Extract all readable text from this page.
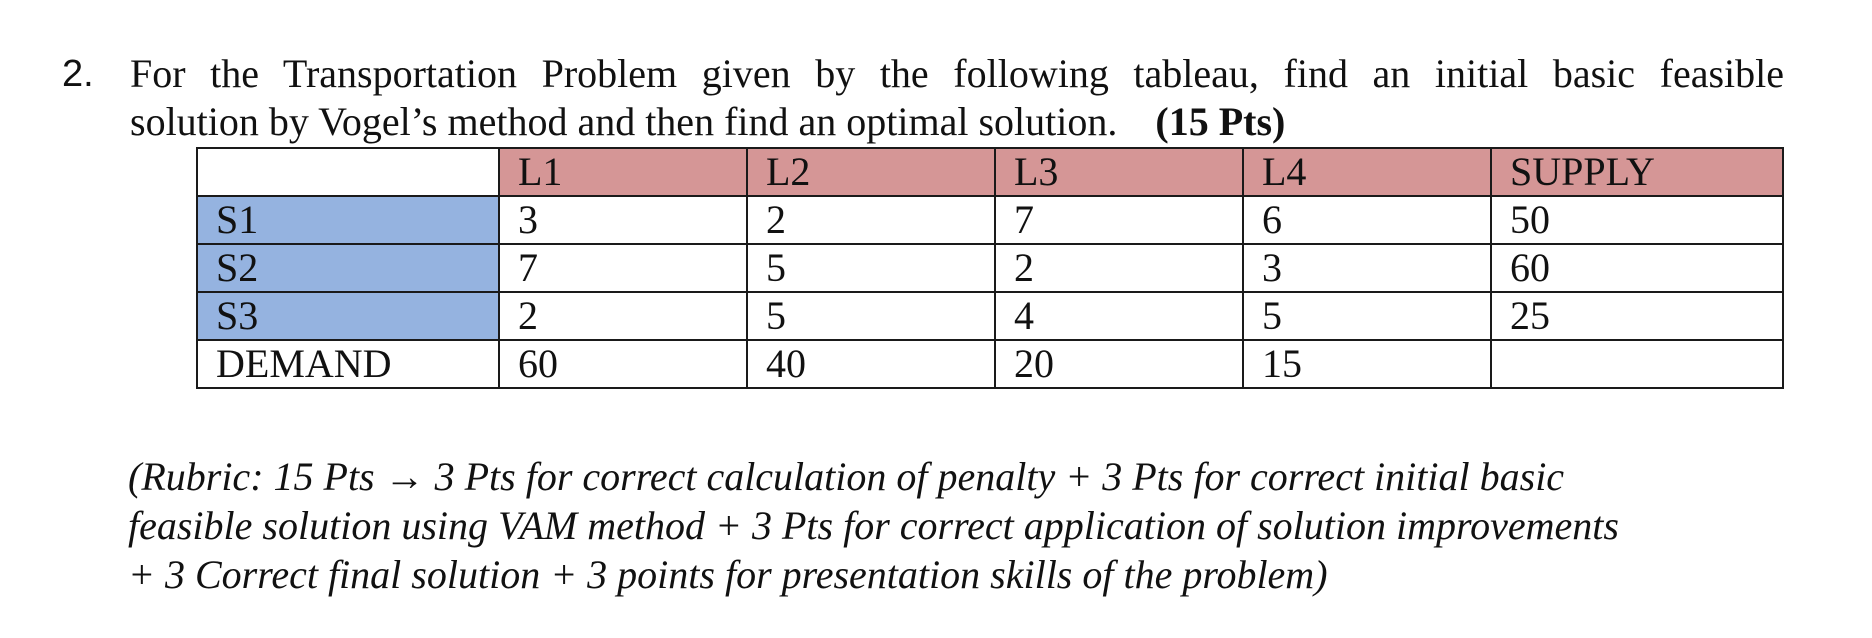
2. For the Transportation Problem given by the following tableau, find an initial basic feasible
solution by Vogel’s method and then find an optimal solution. (15 Pts)
	L1	L2	L3	L4	SUPPLY
S1	3	2	7	6	50
S2	7	5	2	3	60
S3	2	5	4	5	25
DEMAND	60	40	20	15	
(Rubric: 15 Pts → 3 Pts for correct calculation of penalty + 3 Pts for correct initial basic
feasible solution using VAM method + 3 Pts for correct application of solution improvements
+ 3 Correct final solution + 3 points for presentation skills of the problem)
